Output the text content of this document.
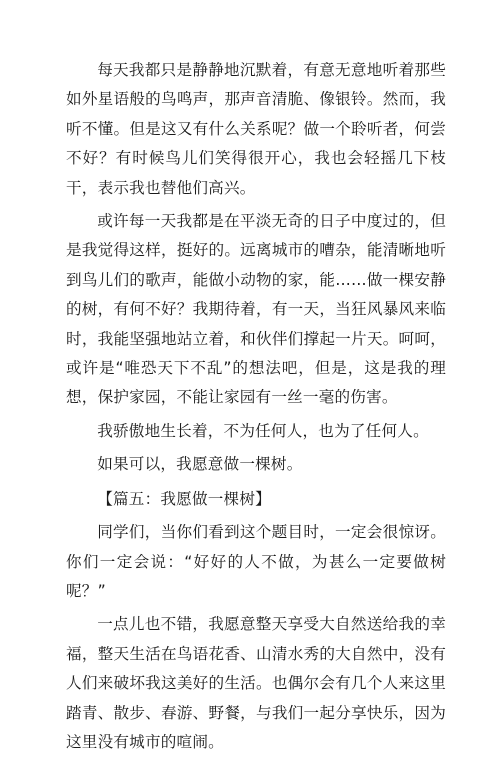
每天我都只是静静地沉默着，有意无意地听着那些如外星语般的鸟鸣声，那声音清脆、像银铃。然而，我听不懂。但是这又有什么关系呢？做一个聆听者，何尝不好？有时候鸟儿们笑得很开心，我也会轻摇几下枝干，表示我也替他们高兴。

或许每一天我都是在平淡无奇的日子中度过的，但是我觉得这样，挺好的。远离城市的嘈杂，能清晰地听到鸟儿们的歌声，能做小动物的家，能……做一棵安静的树，有何不好？我期待着，有一天，当狂风暴风来临时，我能坚强地站立着，和伙伴们撑起一片天。呵呵，或许是“唯恐天下不乱”的想法吧，但是，这是我的理想，保护家园，不能让家园有一丝一毫的伤害。

我骄傲地生长着，不为任何人，也为了任何人。

如果可以，我愿意做一棵树。

【篇五：我愿做一棵树】

同学们，当你们看到这个题目时，一定会很惊讶。你们一定会说：“好好的人不做，为甚么一定要做树呢？”

一点儿也不错，我愿意整天享受大自然送给我的幸福，整天生活在鸟语花香、山清水秀的大自然中，没有人们来破坏我这美好的生活。也偶尔会有几个人来这里踏青、散步、春游、野餐，与我们一起分享快乐，因为这里没有城市的喧闹。
